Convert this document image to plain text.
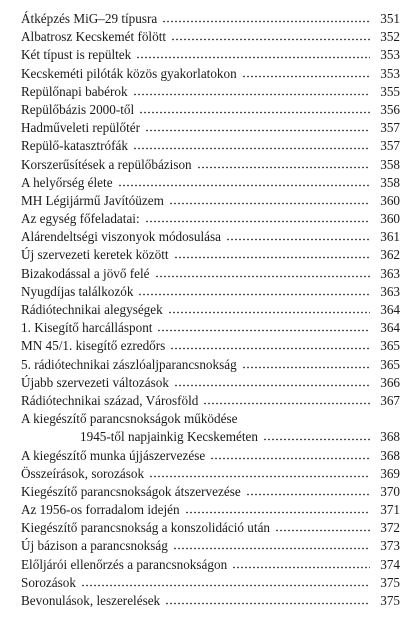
Átképzés MiG–29 típusra	351
Albatrosz Kecskemét fölött	352
Két típust is repültek	353
Kecskeméti pilóták közös gyakorlatokon	353
Repülőnapi babérok	355
Repülőbázis 2000-től	356
Hadműveleti repülőtér	357
Repülő-katasztrófák	357
Korszerűsítések a repülőbázison	358
A helyőrség élete	358
MH Légijármű Javítóüzem	360
Az egység főfeladatai:	360
Alárendeltségi viszonyok módosulása	361
Új szervezeti keretek között	362
Bizakodással a jövő felé	363
Nyugdíjas találkozók	363
Rádiótechnikai alegységek	364
1. Kisegítő harcálláspont	364
MN 45/1. kisegítő ezredőrs	365
5. rádiótechnikai zászlóaljparancsnokság	365
Újabb szervezeti változások	366
Rádiótechnikai század, Városföld	367
A kiegészítő parancsnokságok működése
1945-től napjainkig Kecskeméten	368
A kiegészítő munka újjászervezése	368
Összeírások, sorozások	369
Kiegészítő parancsnokságok átszervezése	370
Az 1956-os forradalom idején	371
Kiegészítő parancsnokság a konszolidáció után	372
Új bázison a parancsnokság	373
Előljárói ellenőrzés a parancsnokságon	374
Sorozások	375
Bevonulások, leszerelések	375
